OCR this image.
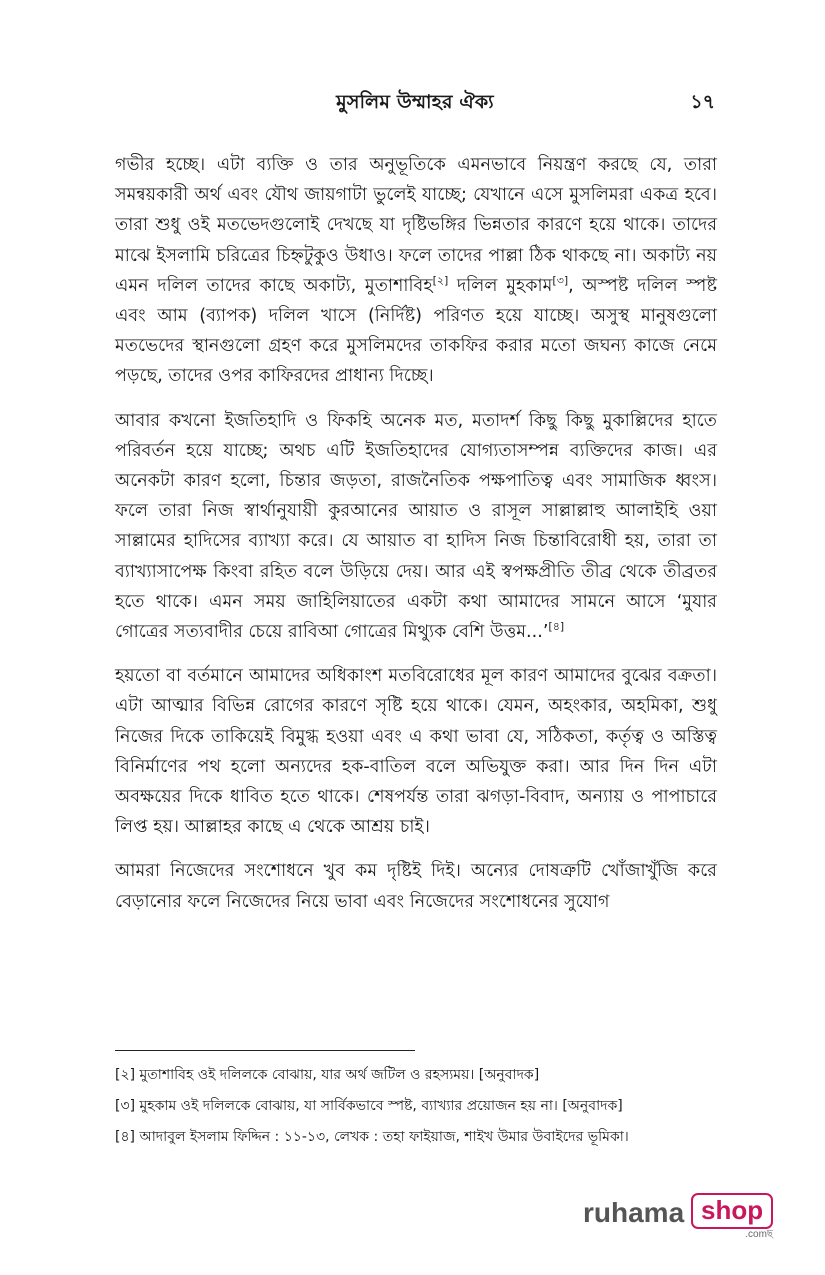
মুসলিম উম্মাহর ঐক্য	১৭

গভীর হচ্ছে। এটা ব্যক্তি ও তার অনুভূতিকে এমনভাবে নিয়ন্ত্রণ করছে যে, তারা সমন্বয়কারী অর্থ এবং যৌথ জায়গাটা ভুলেই যাচ্ছে; যেখানে এসে মুসলিমরা একত্র হবে। তারা শুধু ওই মতভেদগুলোই দেখছে যা দৃষ্টিভঙ্গির ভিন্নতার কারণে হয়ে থাকে। তাদের মাঝে ইসলামি চরিত্রের চিহ্নটুকুও উধাও। ফলে তাদের পাল্লা ঠিক থাকছে না। অকাট্য নয় এমন দলিল তাদের কাছে অকাট্য, মুতাশাবিহ[২] দলিল মুহকাম[৩], অস্পষ্ট দলিল স্পষ্ট এবং আম (ব্যাপক) দলিল খাসে (নির্দিষ্ট) পরিণত হয়ে যাচ্ছে। অসুস্থ মানুষগুলো মতভেদের স্থানগুলো গ্রহণ করে মুসলিমদের তাকফির করার মতো জঘন্য কাজে নেমে পড়ছে, তাদের ওপর কাফিরদের প্রাধান্য দিচ্ছে।

আবার কখনো ইজতিহাদি ও ফিকহি অনেক মত, মতাদর্শ কিছু কিছু মুকাল্লিদের হাতে পরিবর্তন হয়ে যাচ্ছে; অথচ এটি ইজতিহাদের যোগ্যতাসম্পন্ন ব্যক্তিদের কাজ। এর অনেকটা কারণ হলো, চিন্তার জড়তা, রাজনৈতিক পক্ষপাতিত্ব এবং সামাজিক ধ্বংস। ফলে তারা নিজ স্বার্থানুযায়ী কুরআনের আয়াত ও রাসূল সাল্লাল্লাহু আলাইহি ওয়া সাল্লামের হাদিসের ব্যাখ্যা করে। যে আয়াত বা হাদিস নিজ চিন্তাবিরোধী হয়, তারা তা ব্যাখ্যাসাপেক্ষ কিংবা রহিত বলে উড়িয়ে দেয়। আর এই স্বপক্ষপ্রীতি তীব্র থেকে তীব্রতর হতে থাকে। এমন সময় জাহিলিয়াতের একটা কথা আমাদের সামনে আসে ‘মুযার গোত্রের সত্যবাদীর চেয়ে রাবিআ গোত্রের মিথ্যুক বেশি উত্তম...’[৪]

হয়তো বা বর্তমানে আমাদের অধিকাংশ মতবিরোধের মূল কারণ আমাদের বুঝের বক্রতা। এটা আত্মার বিভিন্ন রোগের কারণে সৃষ্টি হয়ে থাকে। যেমন, অহংকার, অহমিকা, শুধু নিজের দিকে তাকিয়েই বিমুগ্ধ হওয়া এবং এ কথা ভাবা যে, সঠিকতা, কর্তৃত্ব ও অস্তিত্ব বিনির্মাণের পথ হলো অন্যদের হক-বাতিল বলে অভিযুক্ত করা। আর দিন দিন এটা অবক্ষয়ের দিকে ধাবিত হতে থাকে। শেষপর্যন্ত তারা ঝগড়া-বিবাদ, অন্যায় ও পাপাচারে লিপ্ত হয়। আল্লাহর কাছে এ থেকে আশ্রয় চাই।

আমরা নিজেদের সংশোধনে খুব কম দৃষ্টিই দিই। অন্যের দোষত্রুটি খোঁজাখুঁজি করে বেড়ানোর ফলে নিজেদের নিয়ে ভাবা এবং নিজেদের সংশোধনের সুযোগ

[২] মুতাশাবিহ ওই দলিলকে বোঝায়, যার অর্থ জটিল ও রহস্যময়। [অনুবাদক]

[৩] মুহকাম ওই দলিলকে বোঝায়, যা সার্বিকভাবে স্পষ্ট, ব্যাখ্যার প্রয়োজন হয় না। [অনুবাদক]

[৪] আদাবুল ইসলাম ফিদ্দিন : ১১-১৩, লেখক : তহা ফাইয়াজ, শাইখ উমার উবাইদের ভূমিকা।

ruhama shop
.comছ
